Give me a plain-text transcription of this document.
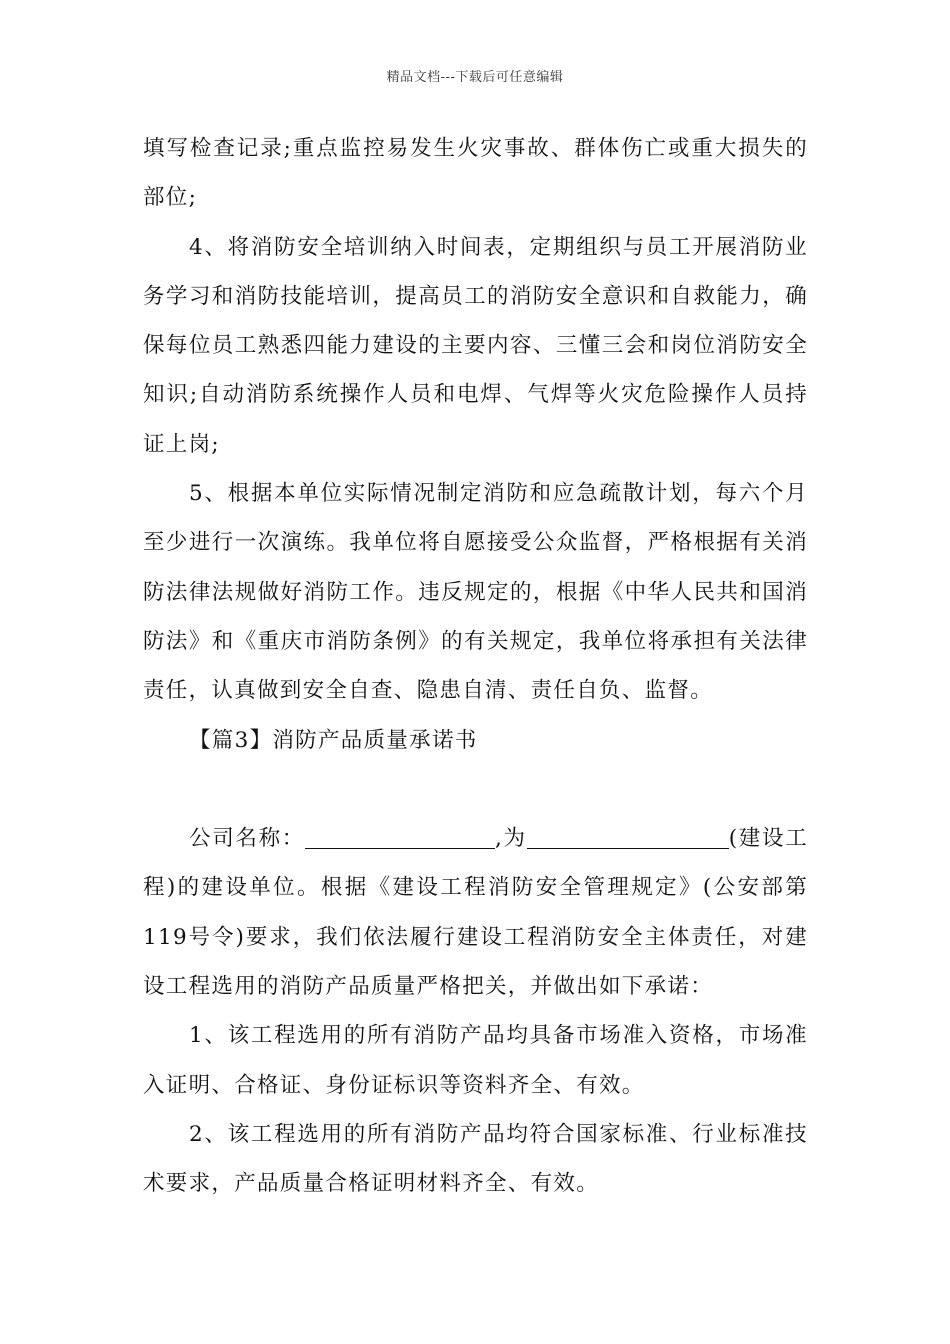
精品文档---下载后可任意编辑

填写检查记录;重点监控易发生火灾事故、群体伤亡或重大损失的部位;

4、将消防安全培训纳入时间表，定期组织与员工开展消防业务学习和消防技能培训，提高员工的消防安全意识和自救能力，确保每位员工熟悉四能力建设的主要内容、三懂三会和岗位消防安全知识;自动消防系统操作人员和电焊、气焊等火灾危险操作人员持证上岗;

5、根据本单位实际情况制定消防和应急疏散计划，每六个月至少进行一次演练。我单位将自愿接受公众监督，严格根据有关消防法律法规做好消防工作。违反规定的，根据《中华人民共和国消防法》和《重庆市消防条例》的有关规定，我单位将承担有关法律责任，认真做到安全自查、隐患自清、责任自负、监督。

【篇3】消防产品质量承诺书

公司名称：	,为	(建设工程)的建设单位。根据《建设工程消防安全管理规定》(公安部第119号令)要求，我们依法履行建设工程消防安全主体责任，对建设工程选用的消防产品质量严格把关，并做出如下承诺：

1、该工程选用的所有消防产品均具备市场准入资格，市场准入证明、合格证、身份证标识等资料齐全、有效。

2、该工程选用的所有消防产品均符合国家标准、行业标准技术要求，产品质量合格证明材料齐全、有效。
